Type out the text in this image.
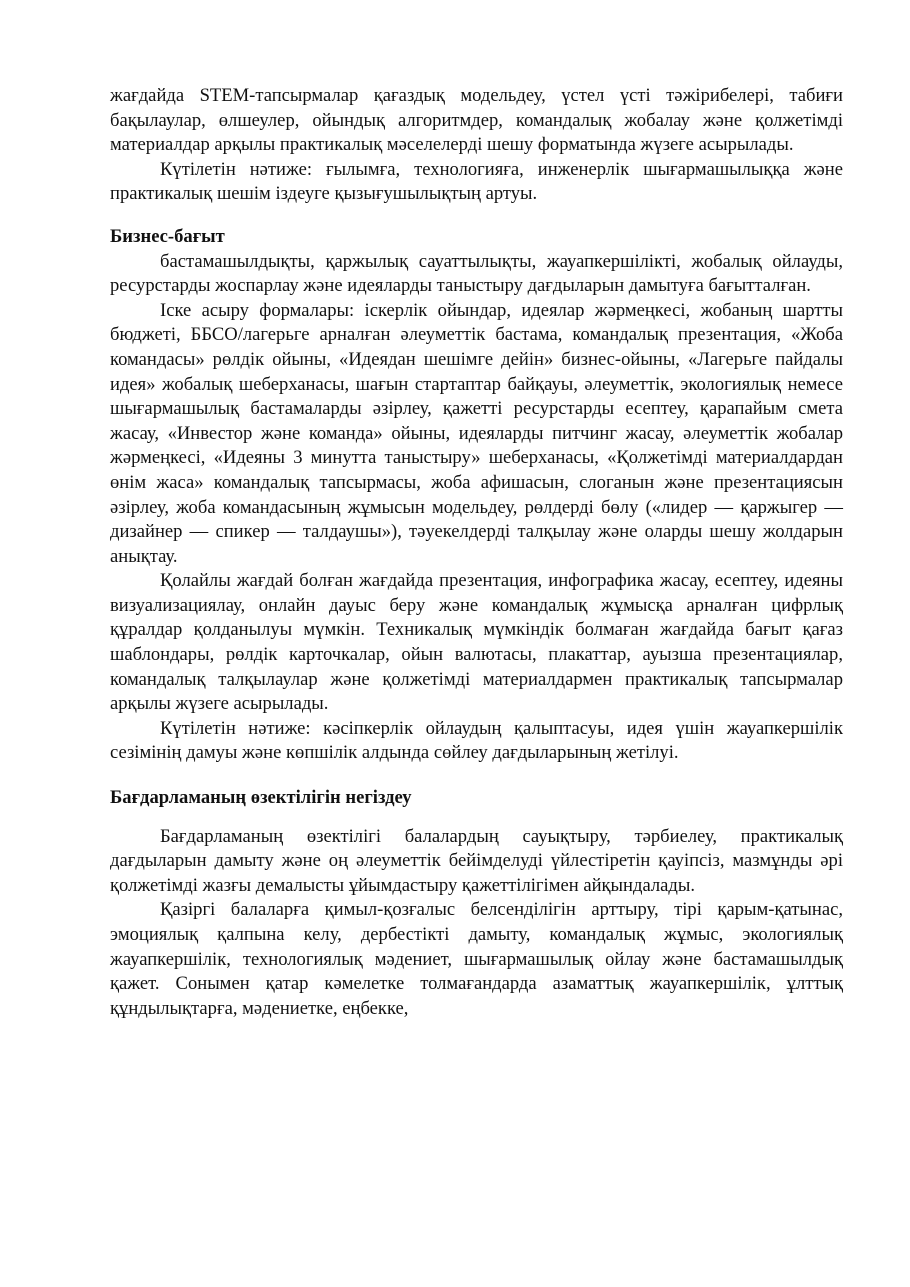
жағдайда STEM-тапсырмалар қағаздық модельдеу, үстел үсті тәжірибелері, табиғи бақылаулар, өлшеулер, ойындық алгоритмдер, командалық жобалау және қолжетімді материалдар арқылы практикалық мәселелерді шешу форматында жүзеге асырылады.

Күтілетін нәтиже: ғылымға, технологияға, инженерлік шығармашылыққа және практикалық шешім іздеуге қызығушылықтың артуы.

Бизнес-бағыт

бастамашылдықты, қаржылық сауаттылықты, жауапкершілікті, жобалық ойлауды, ресурстарды жоспарлау және идеяларды таныстыру дағдыларын дамытуға бағытталған.

Іске асыру формалары: іскерлік ойындар, идеялар жәрмеңкесі, жобаның шартты бюджеті, ББСО/лагерьге арналған әлеуметтік бастама, командалық презентация, «Жоба командасы» рөлдік ойыны, «Идеядан шешімге дейін» бизнес-ойыны, «Лагерьге пайдалы идея» жобалық шеберханасы, шағын стартаптар байқауы, әлеуметтік, экологиялық немесе шығармашылық бастамаларды әзірлеу, қажетті ресурстарды есептеу, қарапайым смета жасау, «Инвестор және команда» ойыны, идеяларды питчинг жасау, әлеуметтік жобалар жәрмеңкесі, «Идеяны 3 минутта таныстыру» шеберханасы, «Қолжетімді материалдардан өнім жаса» командалық тапсырмасы, жоба афишасын, слоганын және презентациясын әзірлеу, жоба командасының жұмысын модельдеу, рөлдерді бөлу («лидер — қаржыгер — дизайнер — спикер — талдаушы»), тәуекелдерді талқылау және оларды шешу жолдарын анықтау.

Қолайлы жағдай болған жағдайда презентация, инфографика жасау, есептеу, идеяны визуализациялау, онлайн дауыс беру және командалық жұмысқа арналған цифрлық құралдар қолданылуы мүмкін. Техникалық мүмкіндік болмаған жағдайда бағыт қағаз шаблондары, рөлдік карточкалар, ойын валютасы, плакаттар, ауызша презентациялар, командалық талқылаулар және қолжетімді материалдармен практикалық тапсырмалар арқылы жүзеге асырылады.

Күтілетін нәтиже: кәсіпкерлік ойлаудың қалыптасуы, идея үшін жауапкершілік сезімінің дамуы және көпшілік алдында сөйлеу дағдыларының жетілуі.

Бағдарламаның өзектілігін негіздеу

Бағдарламаның өзектілігі балалардың сауықтыру, тәрбиелеу, практикалық дағдыларын дамыту және оң әлеуметтік бейімделуді үйлестіретін қауіпсіз, мазмұнды әрі қолжетімді жазғы демалысты ұйымдастыру қажеттілігімен айқындалады.

Қазіргі балаларға қимыл-қозғалыс белсенділігін арттыру, тірі қарым-қатынас, эмоциялық қалпына келу, дербестікті дамыту, командалық жұмыс, экологиялық жауапкершілік, технологиялық мәдениет, шығармашылық ойлау және бастамашылдық қажет. Сонымен қатар кәмелетке толмағандарда азаматтық жауапкершілік, ұлттық құндылықтарға, мәдениетке, еңбекке,
